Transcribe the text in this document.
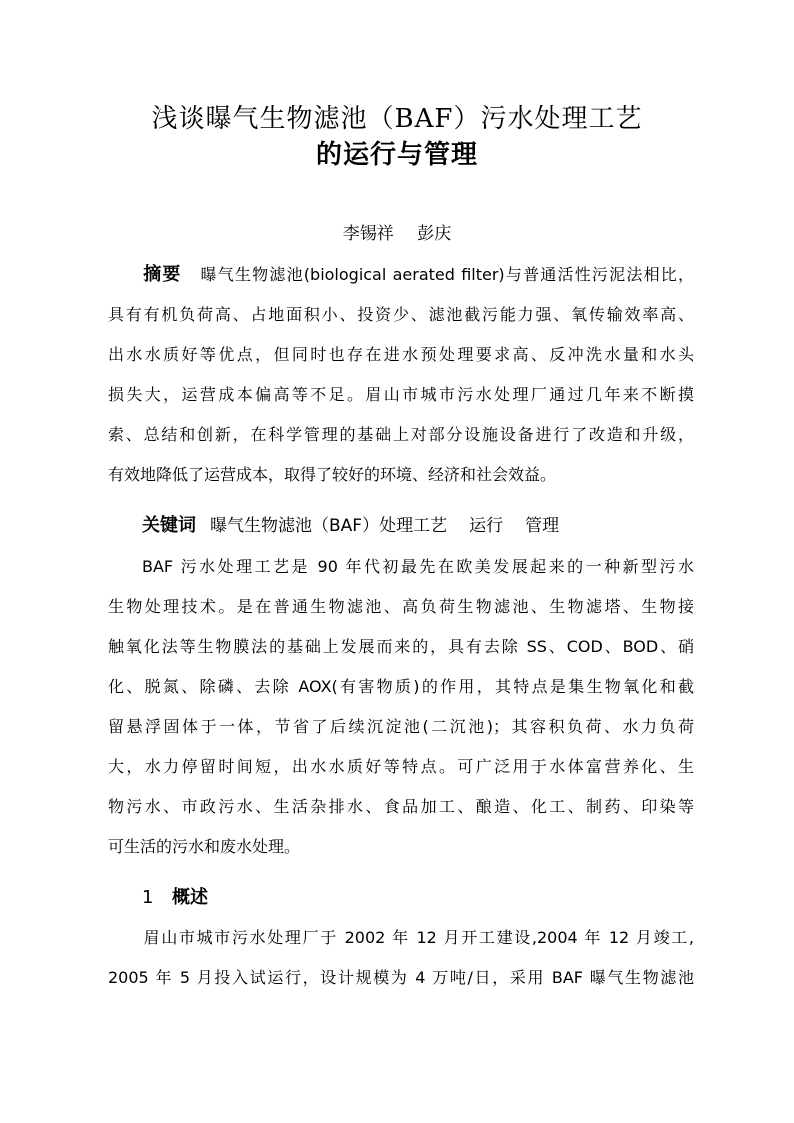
浅谈曝气生物滤池（BAF）污水处理工艺
的运行与管理
李锡祥 彭庆
摘要 曝气生物滤池(biological aerated filter)与普通活性污泥法相比，
具有有机负荷高、占地面积小、投资少、滤池截污能力强、氧传输效率高、
出水水质好等优点，但同时也存在进水预处理要求高、反冲洗水量和水头
损失大，运营成本偏高等不足。眉山市城市污水处理厂通过几年来不断摸
索、总结和创新，在科学管理的基础上对部分设施设备进行了改造和升级，
有效地降低了运营成本，取得了较好的环境、经济和社会效益。
关键词 曝气生物滤池（BAF）处理工艺 运行 管理
BAF 污水处理工艺是 90 年代初最先在欧美发展起来的一种新型污水
生物处理技术。是在普通生物滤池、高负荷生物滤池、生物滤塔、生物接
触氧化法等生物膜法的基础上发展而来的，具有去除 SS、COD、BOD、硝
化、脱氮、除磷、去除 AOX(有害物质)的作用，其特点是集生物氧化和截
留悬浮固体于一体，节省了后续沉淀池(二沉池)；其容积负荷、水力负荷
大，水力停留时间短，出水水质好等特点。可广泛用于水体富营养化、生
物污水、市政污水、生活杂排水、食品加工、酿造、化工、制药、印染等
可生活的污水和废水处理。
1 概述
眉山市城市污水处理厂于 2002 年 12 月开工建设,2004 年 12 月竣工,
2005 年 5 月投入试运行，设计规模为 4 万吨/日，采用 BAF 曝气生物滤池
